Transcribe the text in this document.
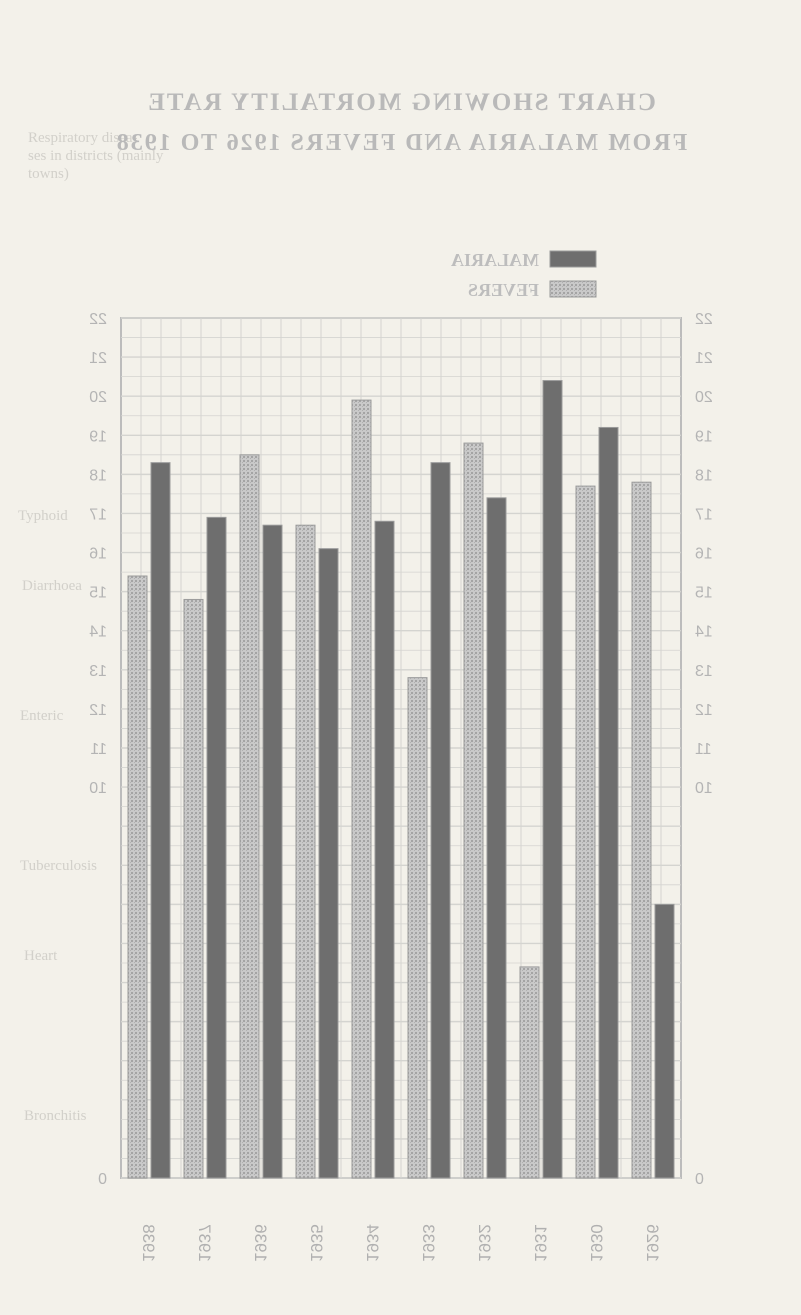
Respiratory disea-
ses in districts (mainly
towns)
Typhoid
Diarrhoea
Enteric
Tuberculosis
Heart
Bronchitis
CHART SHOWING MORTALITY RATE
FROM MALARIA AND FEVERS 1926 TO 1938
MALARIA
FEVERS
0
0
10
10
11
11
12
12
13
13
14
14
15
15
16
16
17
17
18
18
19
19
20
20
21
21
22
22
1926
1930
1931
1932
1933
1934
1935
1936
1937
1938
